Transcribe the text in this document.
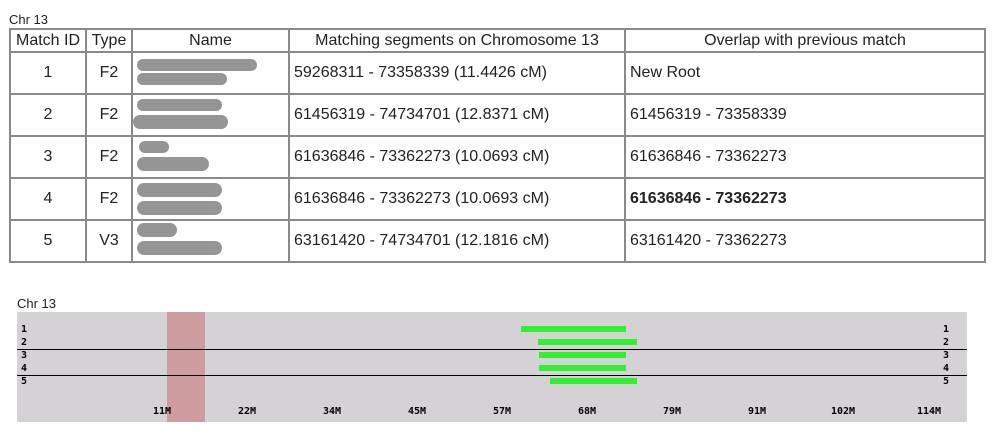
Chr 13
Match ID	Type	Name	Matching segments on Chromosome 13	Overlap with previous match
1	F2		59268311 - 73358339 (11.4426 cM)	New Root
2	F2		61456319 - 74734701 (12.8371 cM)	61456319 - 73358339
3	F2		61636846 - 73362273 (10.0693 cM)	61636846 - 73362273
4	F2		61636846 - 73362273 (10.0693 cM)	61636846 - 73362273
5	V3		63161420 - 74734701 (12.1816 cM)	63161420 - 73362273
Chr 13
1	1
2	2
3	3
4	4
5	5
11M	22M	34M	45M	57M	68M	79M	91M	102M	114M
